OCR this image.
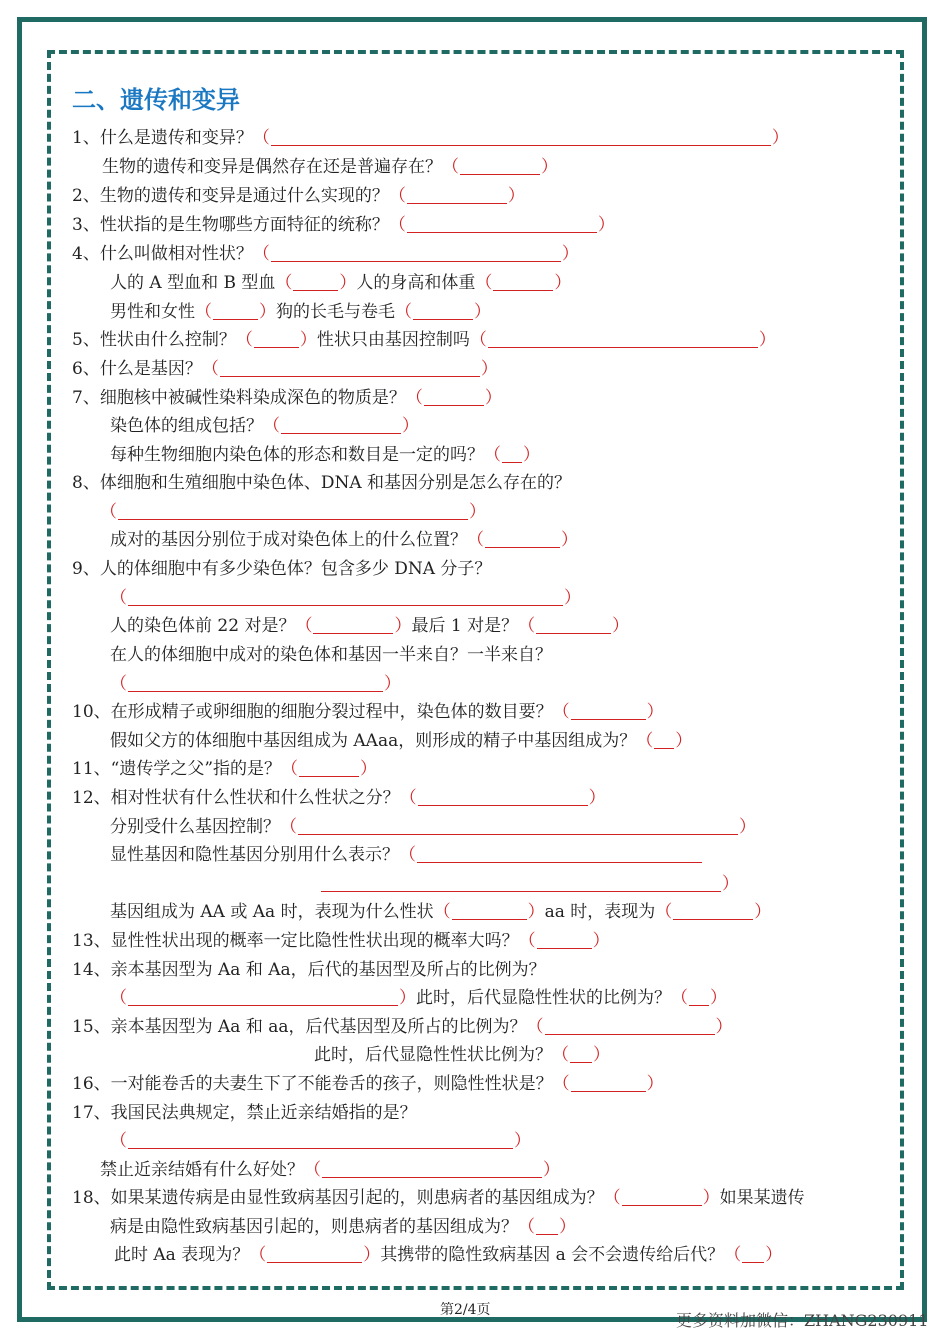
二、遗传和变异
1、什么是遗传和变异？（	）
生物的遗传和变异是偶然存在还是普遍存在？（	）
2、生物的遗传和变异是通过什么实现的？（	）
3、性状指的是生物哪些方面特征的统称？（	）
4、什么叫做相对性状？（	）
人的 A 型血和 B 型血（	）人的身高和体重（	）
男性和女性（	）狗的长毛与卷毛（	）
5、性状由什么控制？（	）性状只由基因控制吗（	）
6、什么是基因？（	）
7、细胞核中被碱性染料染成深色的物质是？（	）
染色体的组成包括？（	）
每种生物细胞内染色体的形态和数目是一定的吗？（ ）
8、体细胞和生殖细胞中染色体、DNA 和基因分别是怎么存在的？
（	）
成对的基因分别位于成对染色体上的什么位置？（	）
9、人的体细胞中有多少染色体？包含多少 DNA 分子？
（	）
人的染色体前 22 对是？（	）最后 1 对是？（	）
在人的体细胞中成对的染色体和基因一半来自？一半来自？
（	）
10、在形成精子或卵细胞的细胞分裂过程中，染色体的数目要？（	）
假如父方的体细胞中基因组成为 AAaa，则形成的精子中基因组成为？（ ）
11、“遗传学之父”指的是？（	）
12、相对性状有什么性状和什么性状之分？（	）
分别受什么基因控制？（	）
显性基因和隐性基因分别用什么表示？（
）
基因组成为 AA 或 Aa 时，表现为什么性状（	）aa 时，表现为（	）
13、显性性状出现的概率一定比隐性性状出现的概率大吗？（	）
14、亲本基因型为 Aa 和 Aa，后代的基因型及所占的比例为？
（	）此时，后代显隐性性状的比例为？（ ）
15、亲本基因型为 Aa 和 aa，后代基因型及所占的比例为？（	）
此时，后代显隐性性状比例为？（ ）
16、一对能卷舌的夫妻生下了不能卷舌的孩子，则隐性性状是？（	）
17、我国民法典规定，禁止近亲结婚指的是？
（	）
禁止近亲结婚有什么好处？（	）
18、如果某遗传病是由显性致病基因引起的，则患病者的基因组成为？（	）如果某遗传
病是由隐性致病基因引起的，则患病者的基因组成为？（ ）
此时 Aa 表现为？（	）其携带的隐性致病基因 a 会不会遗传给后代？（ ）
第2/4页
更多资料加微信：ZHANG230911
